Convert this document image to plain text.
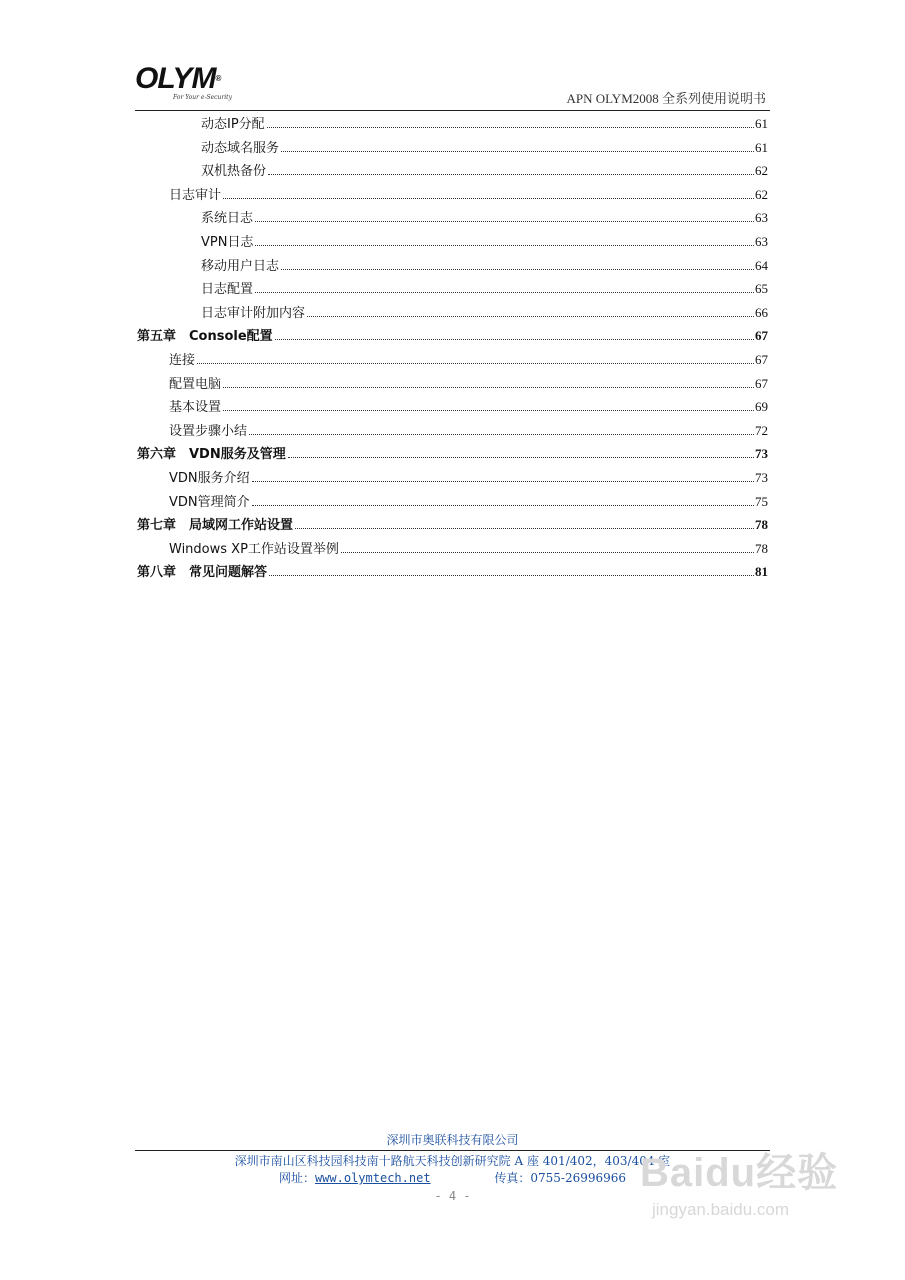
OLYM®
For Your e-Security	APN OLYM2008 全系列使用说明书
动态IP分配	61
动态域名服务	61
双机热备份	62
日志审计	62
系统日志	63
VPN日志	63
移动用户日志	64
日志配置	65
日志审计附加内容	66
第五章　Console配置	67
连接	67
配置电脑	67
基本设置	69
设置步骤小结	72
第六章　VDN服务及管理	73
VDN服务介绍	73
VDN管理简介	75
第七章　局域网工作站设置	78
Windows XP工作站设置举例	78
第八章　常见问题解答	81
深圳市奥联科技有限公司
深圳市南山区科技园科技南十路航天科技创新研究院 A 座 401/402，403/404 室
网址：www.olymtech.net	传真：0755-26996966
- 4 -
Baidu经验
jingyan.baidu.com
